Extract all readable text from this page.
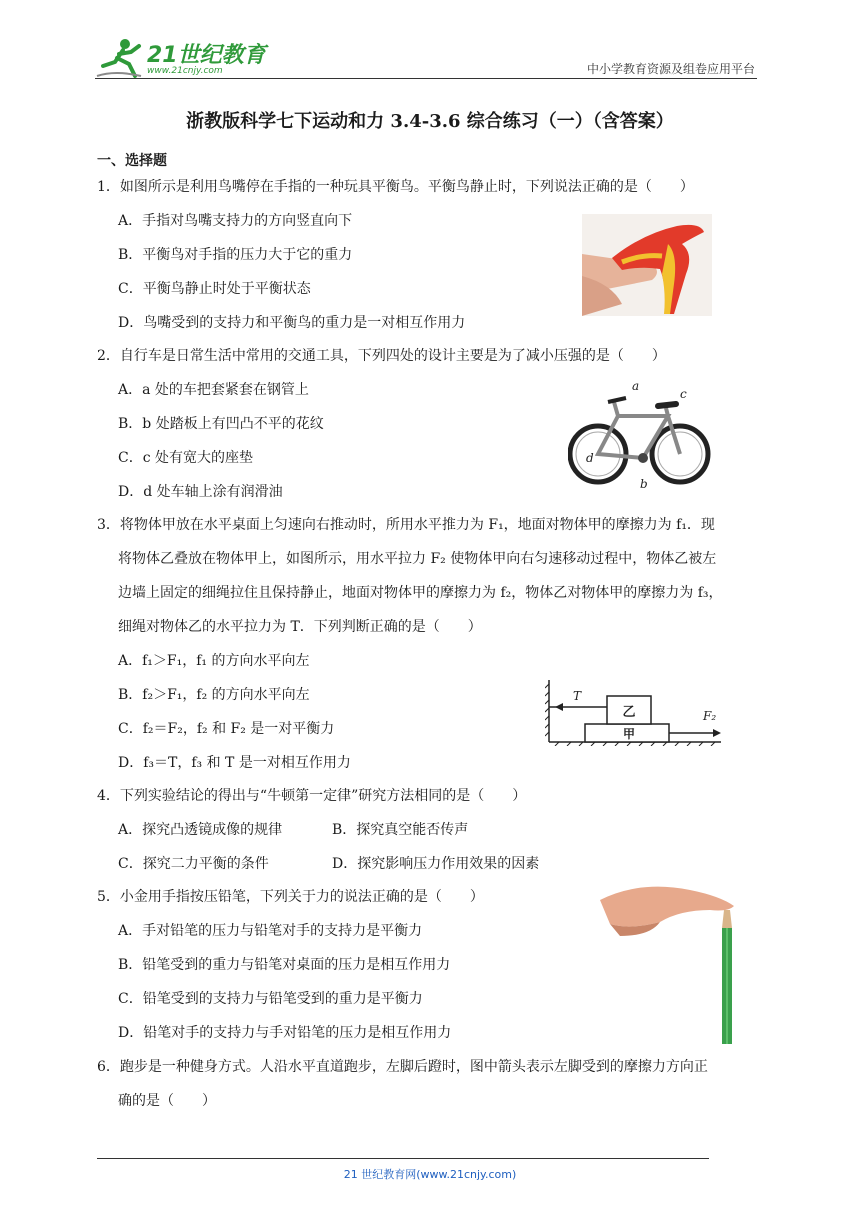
21世纪教育
www.21cnjy.com	中小学教育资源及组卷应用平台
浙教版科学七下运动和力 3.4-3.6 综合练习（一）（含答案）
一、选择题
1．如图所示是利用鸟嘴停在手指的一种玩具平衡鸟。平衡鸟静止时，下列说法正确的是（　　）
A．手指对鸟嘴支持力的方向竖直向下
B．平衡鸟对手指的压力大于它的重力
C．平衡鸟静止时处于平衡状态
D．鸟嘴受到的支持力和平衡鸟的重力是一对相互作用力
2．自行车是日常生活中常用的交通工具，下列四处的设计主要是为了减小压强的是（　　）
A．a 处的车把套紧套在钢管上
B．b 处踏板上有凹凸不平的花纹
C．c 处有宽大的座垫
D．d 处车轴上涂有润滑油
a
b
c
d
3．将物体甲放在水平桌面上匀速向右推动时，所用水平推力为 F₁，地面对物体甲的摩擦力为 f₁．现
将物体乙叠放在物体甲上，如图所示，用水平拉力 F₂ 使物体甲向右匀速移动过程中，物体乙被左
边墙上固定的细绳拉住且保持静止，地面对物体甲的摩擦力为 f₂，物体乙对物体甲的摩擦力为 f₃，
细绳对物体乙的水平拉力为 T．下列判断正确的是（　　）
A．f₁＞F₁，f₁ 的方向水平向左
B．f₂＞F₁，f₂ 的方向水平向左
C．f₂＝F₂，f₂ 和 F₂ 是一对平衡力
D．f₃＝T，f₃ 和 T 是一对相互作用力
乙
甲
T
F₂
4．下列实验结论的得出与“牛顿第一定律”研究方法相同的是（　　）
A．探究凸透镜成像的规律	B．探究真空能否传声
C．探究二力平衡的条件	D．探究影响压力作用效果的因素
5．小金用手指按压铅笔，下列关于力的说法正确的是（　　）
A．手对铅笔的压力与铅笔对手的支持力是平衡力
B．铅笔受到的重力与铅笔对桌面的压力是相互作用力
C．铅笔受到的支持力与铅笔受到的重力是平衡力
D．铅笔对手的支持力与手对铅笔的压力是相互作用力
6．跑步是一种健身方式。人沿水平直道跑步，左脚后蹬时，图中箭头表示左脚受到的摩擦力方向正
确的是（　　）
21 世纪教育网(www.21cnjy.com)
